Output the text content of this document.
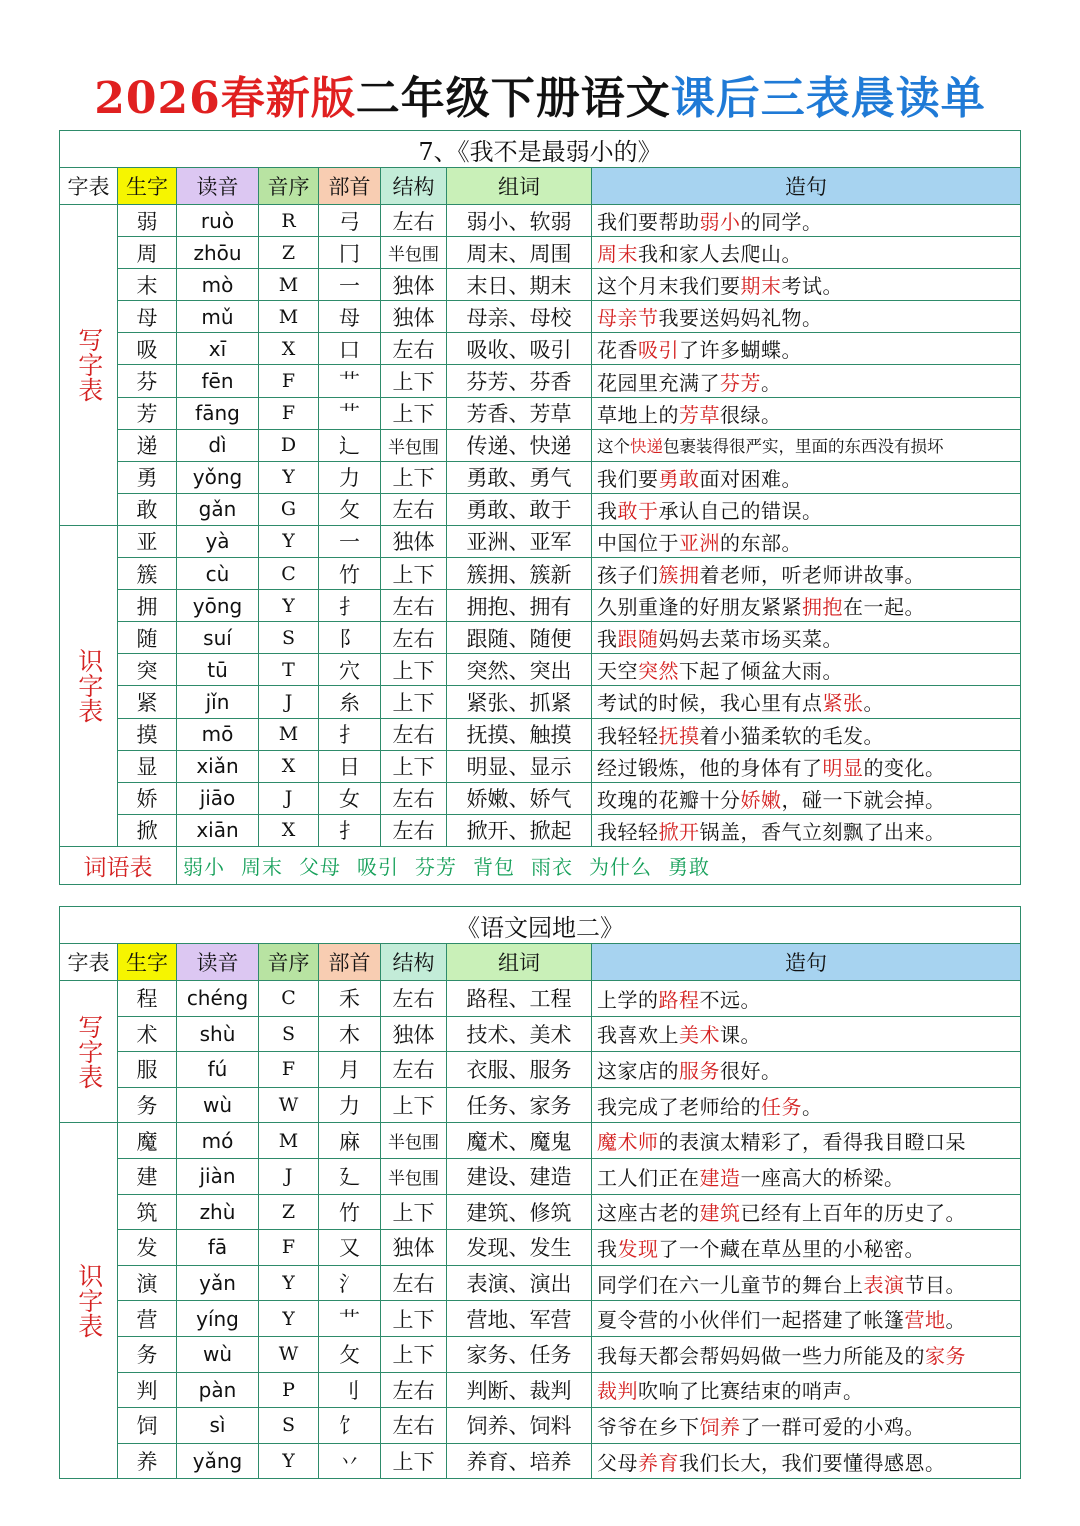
2026春新版二年级下册语文课后三表晨读单
7、《我不是最弱小的》							
字表	生字	读音	音序	部首	结构	组词	造句

写字表	弱	ruò	R	弓	左右	弱小、软弱	我们要帮助弱小的同学。
	周	zhōu	Z	冂	半包围	周末、周围	周末我和家人去爬山。
	末	mò	M	一	独体	末日、期末	这个月末我们要期末考试。
	母	mǔ	M	母	独体	母亲、母校	母亲节我要送妈妈礼物。
	吸	xī	X	口	左右	吸收、吸引	花香吸引了许多蝴蝶。
	芬	fēn	F	艹	上下	芬芳、芬香	花园里充满了芬芳。
	芳	fāng	F	艹	上下	芳香、芳草	草地上的芳草很绿。
	递	dì	D	辶	半包围	传递、快递	这个快递包裹装得很严实，里面的东西没有损坏
	勇	yǒng	Y	力	上下	勇敢、勇气	我们要勇敢面对困难。
	敢	gǎn	G	攵	左右	勇敢、敢于	我敢于承认自己的错误。

识字表	亚	yà	Y	一	独体	亚洲、亚军	中国位于亚洲的东部。
	簇	cù	C	竹	上下	簇拥、簇新	孩子们簇拥着老师，听老师讲故事。
	拥	yōng	Y	扌	左右	拥抱、拥有	久别重逢的好朋友紧紧拥抱在一起。
	随	suí	S	阝	左右	跟随、随便	我跟随妈妈去菜市场买菜。
	突	tū	T	穴	上下	突然、突出	天空突然下起了倾盆大雨。
	紧	jǐn	J	糸	上下	紧张、抓紧	考试的时候，我心里有点紧张。
	摸	mō	M	扌	左右	抚摸、触摸	我轻轻抚摸着小猫柔软的毛发。
	显	xiǎn	X	日	上下	明显、显示	经过锻炼，他的身体有了明显的变化。
	娇	jiāo	J	女	左右	娇嫩、娇气	玫瑰的花瓣十分娇嫩，碰一下就会掉。
	掀	xiān	X	扌	左右	掀开、掀起	我轻轻掀开锅盖，香气立刻飘了出来。
词语表		弱小 周末 父母 吸引 芬芳 背包 雨衣 为什么 勇敢					
《语文园地二》							
字表	生字	读音	音序	部首	结构	组词	造句

写字表	程	chéng	C	禾	左右	路程、工程	上学的路程不远。
	术	shù	S	木	独体	技术、美术	我喜欢上美术课。
	服	fú	F	月	左右	衣服、服务	这家店的服务很好。
	务	wù	W	力	上下	任务、家务	我完成了老师给的任务。

识字表	魔	mó	M	麻	半包围	魔术、魔鬼	魔术师的表演太精彩了，看得我目瞪口呆
	建	jiàn	J	廴	半包围	建设、建造	工人们正在建造一座高大的桥梁。
	筑	zhù	Z	竹	上下	建筑、修筑	这座古老的建筑已经有上百年的历史了。
	发	fā	F	又	独体	发现、发生	我发现了一个藏在草丛里的小秘密。
	演	yǎn	Y	氵	左右	表演、演出	同学们在六一儿童节的舞台上表演节目。
	营	yíng	Y	艹	上下	营地、军营	夏令营的小伙伴们一起搭建了帐篷营地。
	务	wù	W	攵	上下	家务、任务	我每天都会帮妈妈做一些力所能及的家务
	判	pàn	P	刂	左右	判断、裁判	裁判吹响了比赛结束的哨声。
	饲	sì	S	饣	左右	饲养、饲料	爷爷在乡下饲养了一群可爱的小鸡。
	养	yǎng	Y	丷	上下	养育、培养	父母养育我们长大，我们要懂得感恩。
